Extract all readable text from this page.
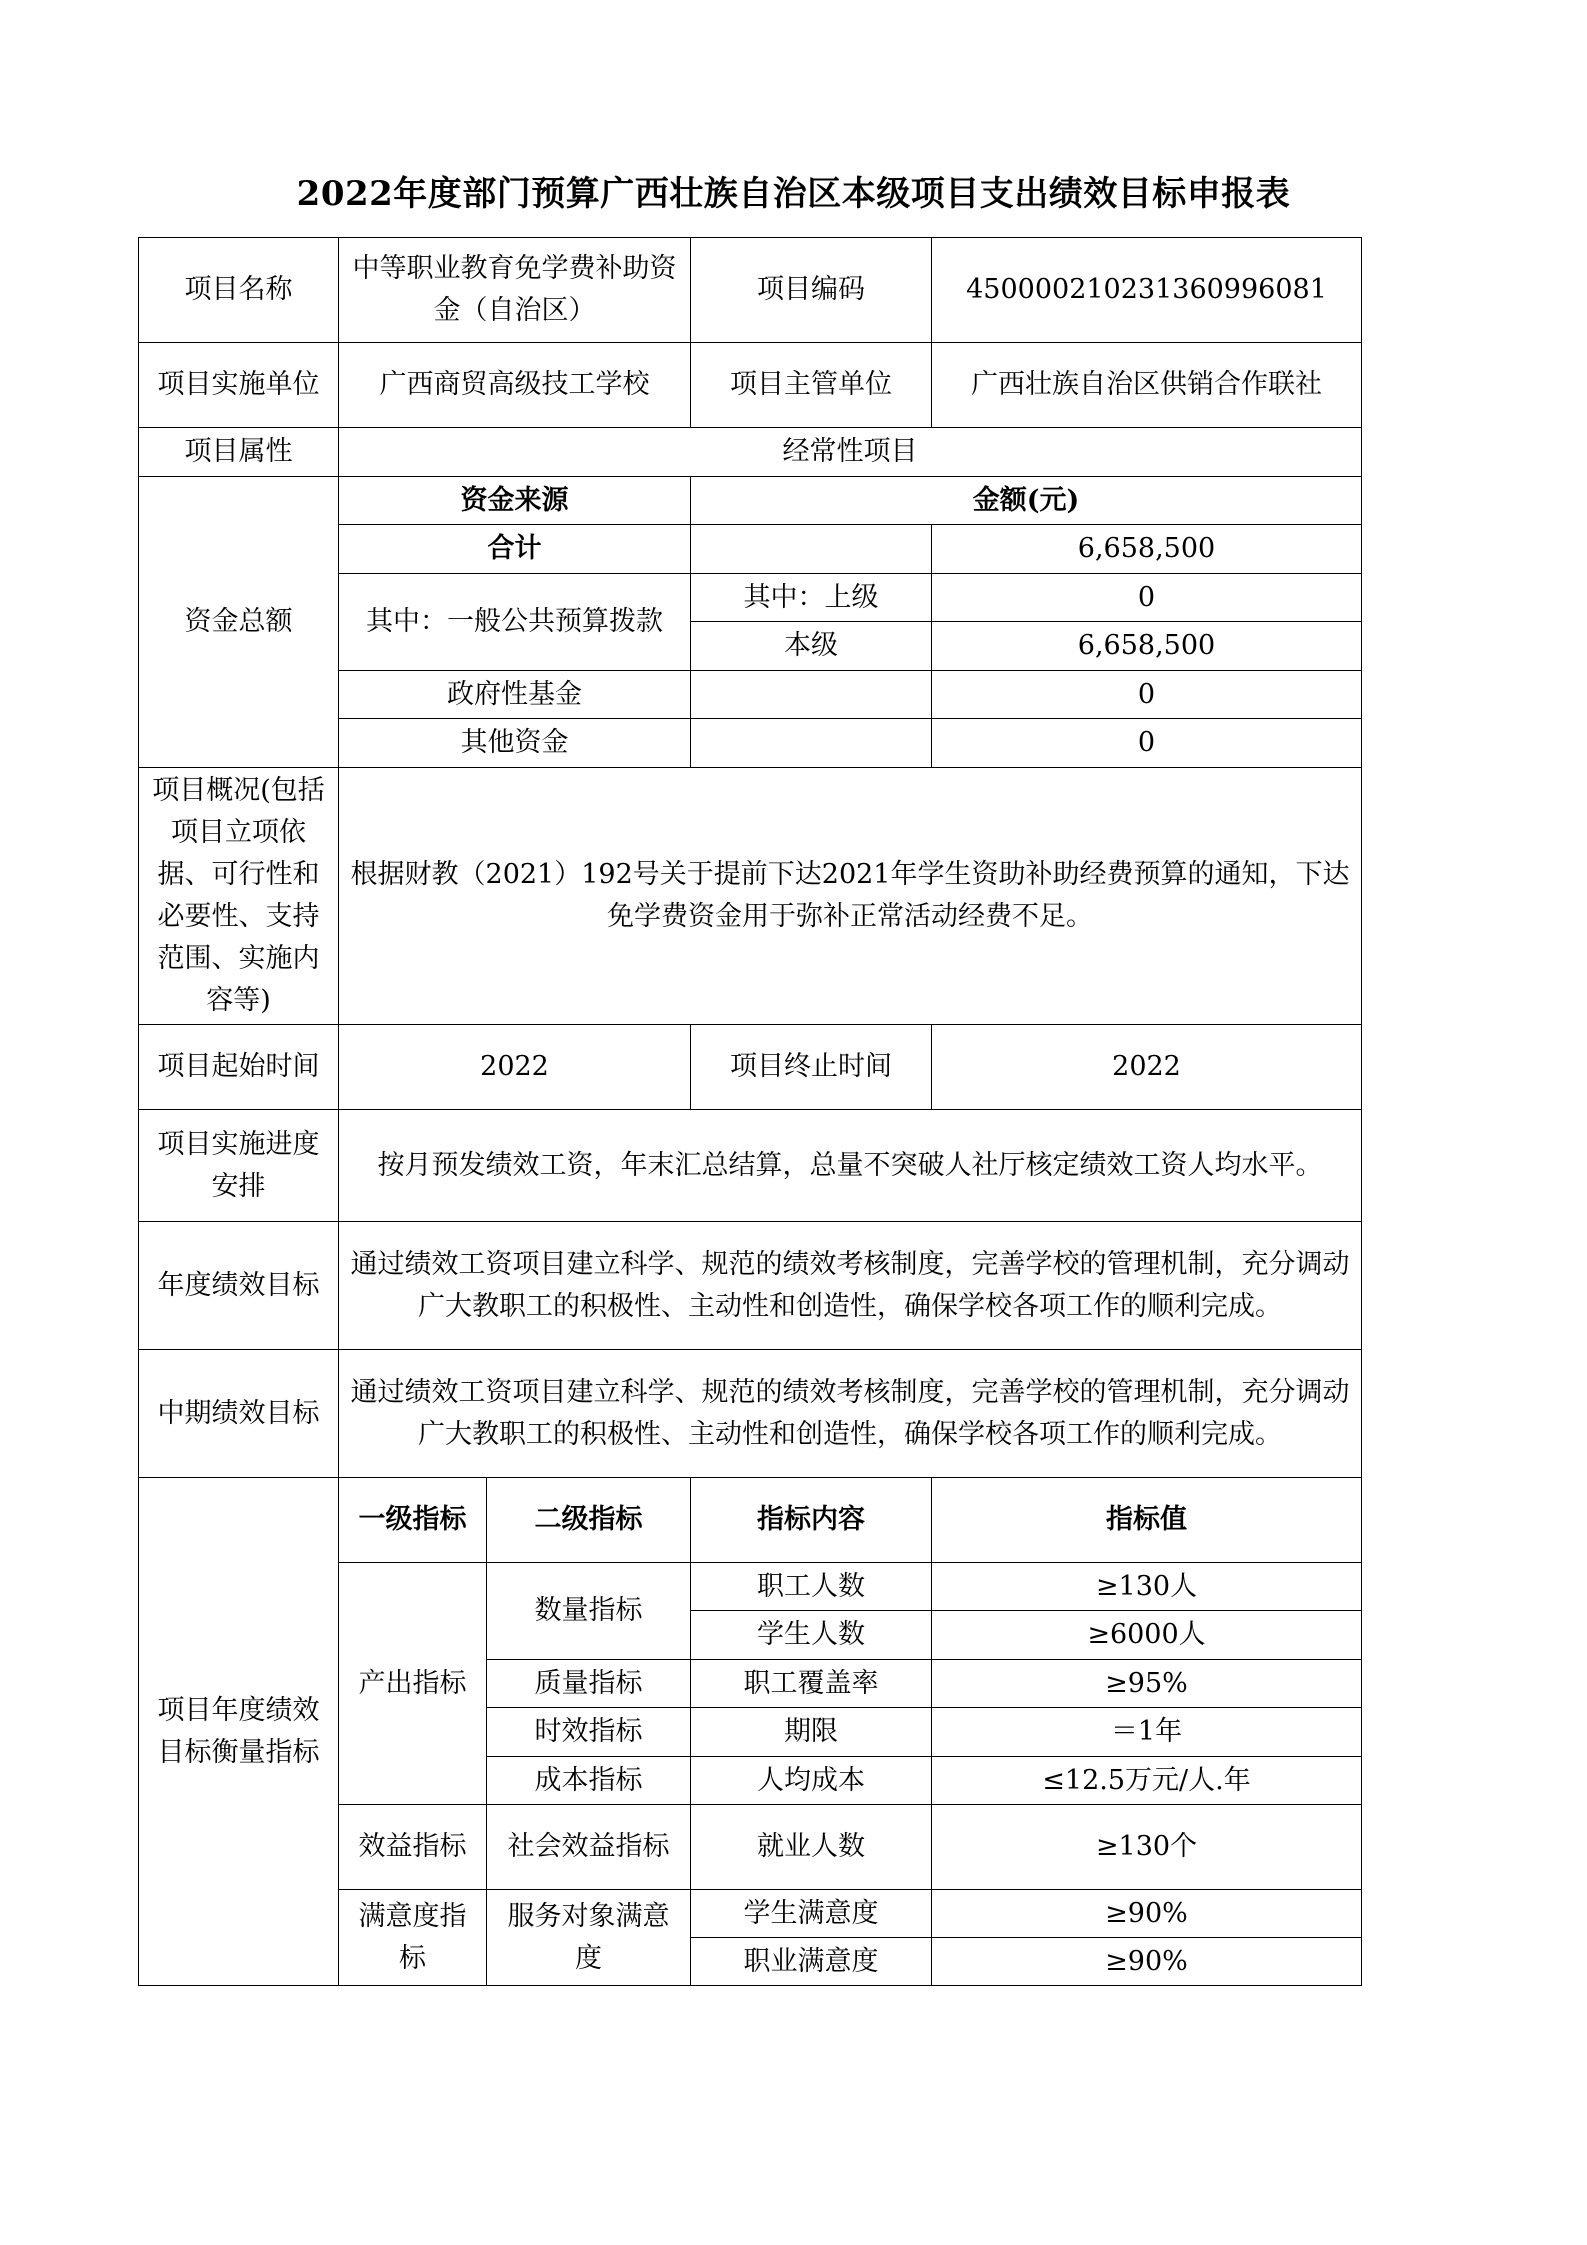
2022年度部门预算广西壮族自治区本级项目支出绩效目标申报表
项目名称	中等职业教育免学费补助资金（自治区）		项目编码	450000210231360996081
项目实施单位	广西商贸高级技工学校		项目主管单位	广西壮族自治区供销合作联社
项目属性	经常性项目			
资金总额	资金来源		金额(元)	
	合计			6,658,500
	其中：一般公共预算拨款		其中：上级	0
			本级	6,658,500
	政府性基金			0
	其他资金			0
项目概况(包括项目立项依据、可行性和必要性、支持范围、实施内容等)	根据财教（2021）192号关于提前下达2021年学生资助补助经费预算的通知，下达免学费资金用于弥补正常活动经费不足。			
项目起始时间	2022		项目终止时间	2022
项目实施进度安排	按月预发绩效工资，年末汇总结算，总量不突破人社厅核定绩效工资人均水平。			
年度绩效目标	通过绩效工资项目建立科学、规范的绩效考核制度，完善学校的管理机制，充分调动广大教职工的积极性、主动性和创造性，确保学校各项工作的顺利完成。			
中期绩效目标	通过绩效工资项目建立科学、规范的绩效考核制度，完善学校的管理机制，充分调动广大教职工的积极性、主动性和创造性，确保学校各项工作的顺利完成。			
项目年度绩效目标衡量指标	一级指标	二级指标	指标内容	指标值
	产出指标	数量指标	职工人数	≥130人
			学生人数	≥6000人
		质量指标	职工覆盖率	≥95%
		时效指标	期限	＝1年
		成本指标	人均成本	≤12.5万元/人.年
	效益指标	社会效益指标	就业人数	≥130个
	满意度指标	服务对象满意度	学生满意度	≥90%
			职业满意度	≥90%
